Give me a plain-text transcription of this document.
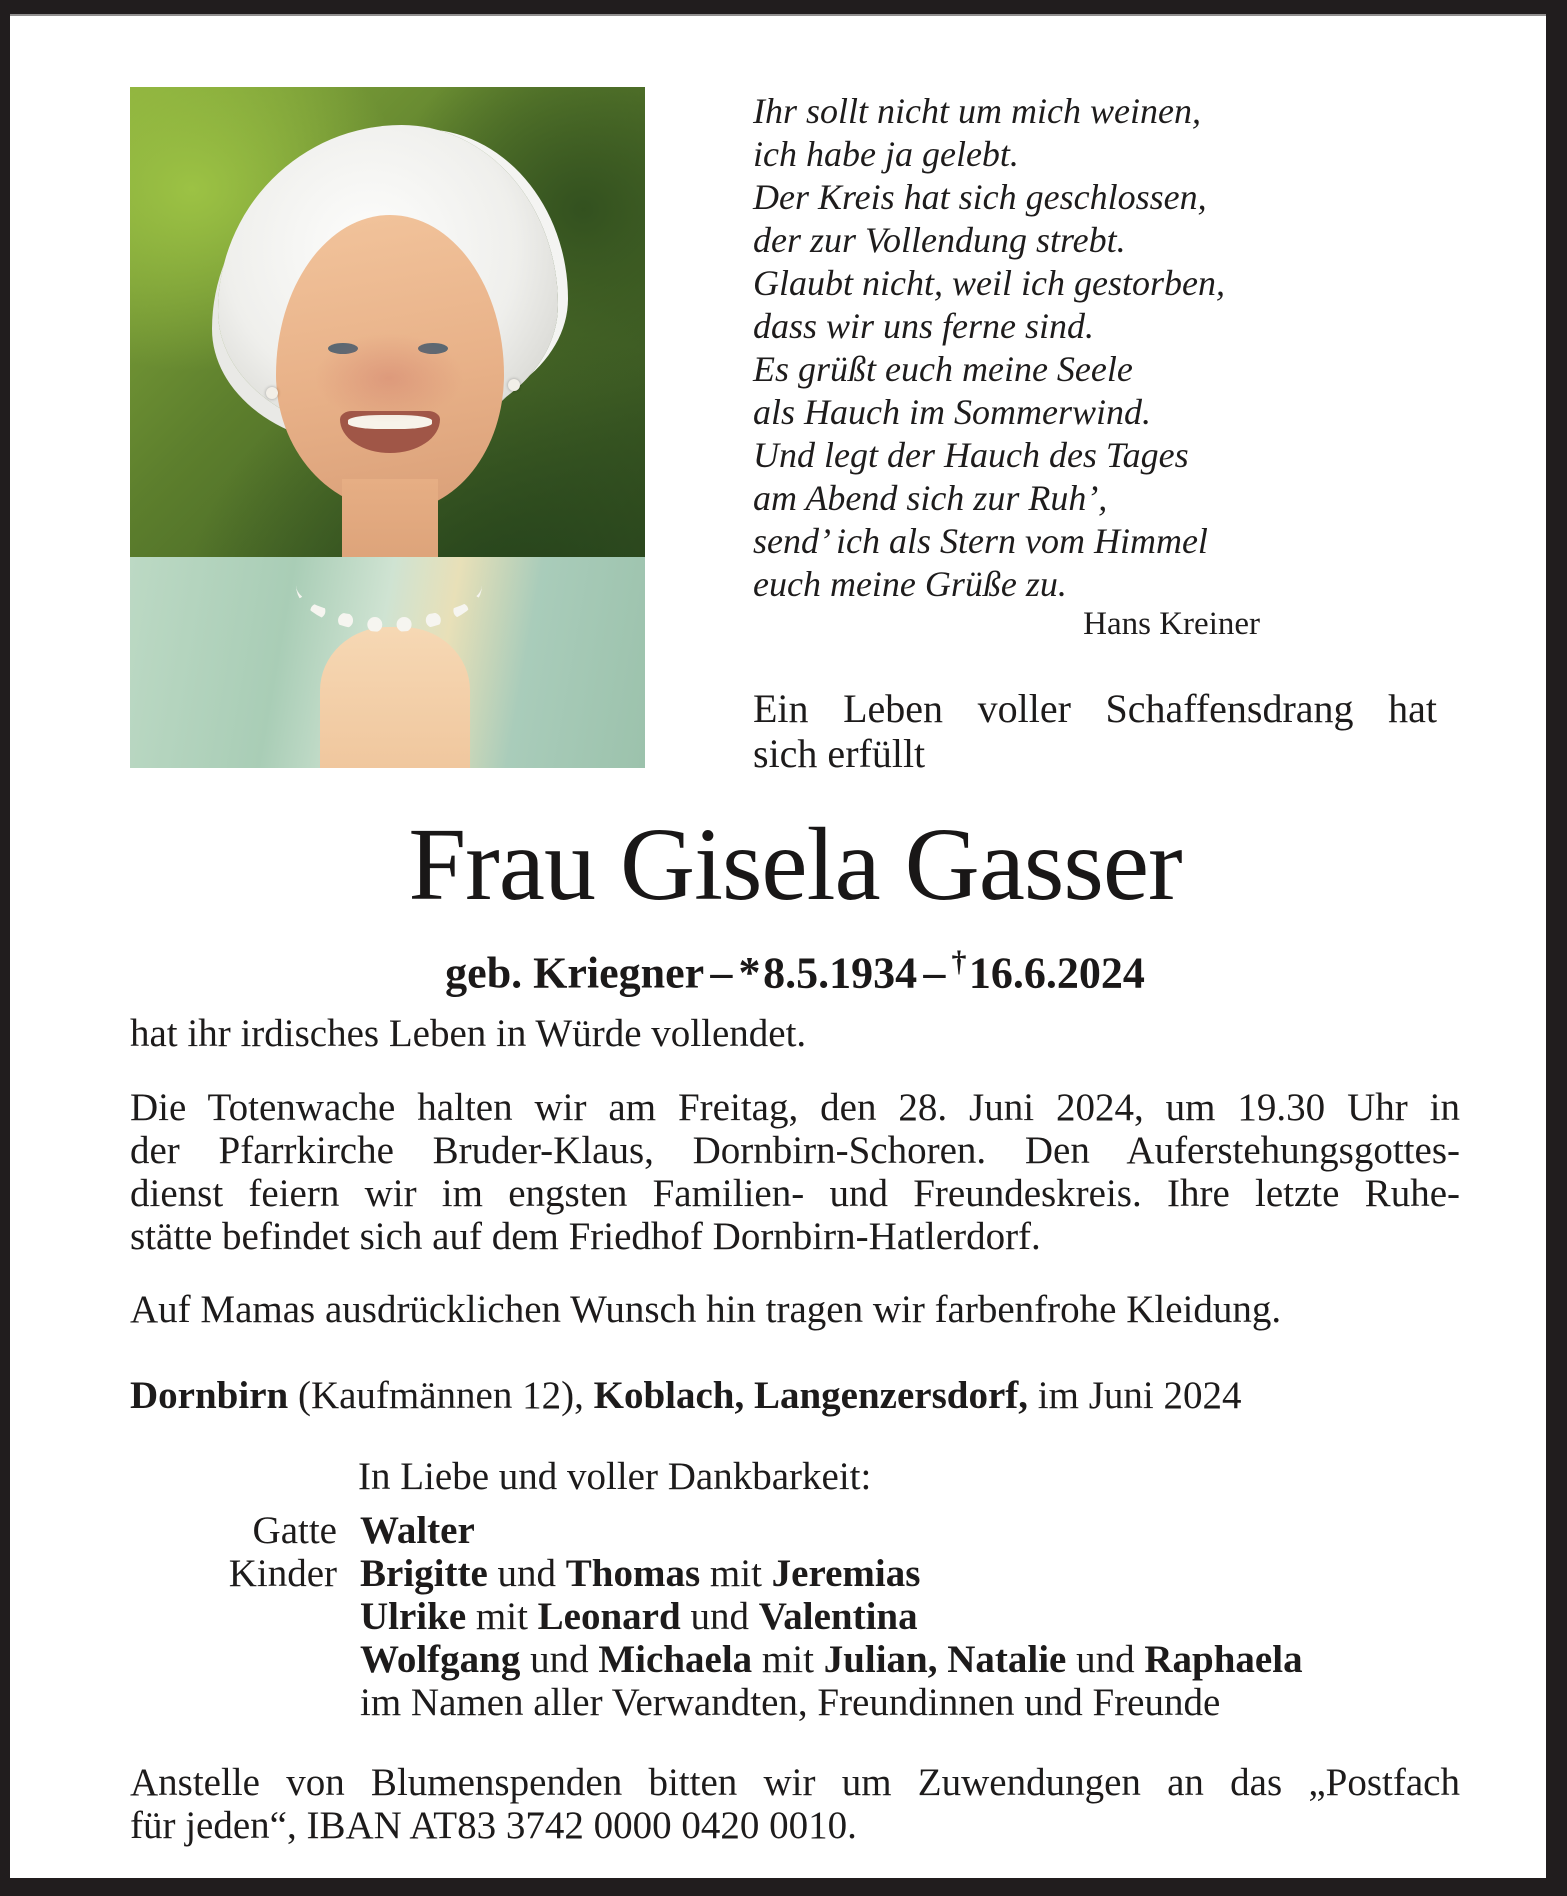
Ihr sollt nicht um mich weinen,
ich habe ja gelebt.
Der Kreis hat sich geschlossen,
der zur Vollendung strebt.
Glaubt nicht, weil ich gestorben,
dass wir uns ferne sind.
Es grüßt euch meine Seele
als Hauch im Sommerwind.
Und legt der Hauch des Tages
am Abend sich zur Ruh’,
send’ ich als Stern vom Himmel
euch meine Grüße zu.
Hans Kreiner
Ein Leben voller Schaffensdrang hat
sich erfüllt
Frau Gisela Gasser
geb. Kriegner – *8.5.1934 – †16.6.2024
hat ihr irdisches Leben in Würde vollendet.
Die Totenwache halten wir am Freitag, den 28. Juni 2024, um 19.30 Uhr in
der Pfarrkirche Bruder-Klaus, Dornbirn-Schoren. Den Auferstehungsgottes-
dienst feiern wir im engsten Familien- und Freundeskreis. Ihre letzte Ruhe-
stätte befindet sich auf dem Friedhof Dornbirn-Hatlerdorf.
Auf Mamas ausdrücklichen Wunsch hin tragen wir farbenfrohe Kleidung.
Dornbirn (Kaufmännen 12), Koblach, Langenzersdorf, im Juni 2024
In Liebe und voller Dankbarkeit:
Gatte Walter
Kinder Brigitte und Thomas mit Jeremias
Ulrike mit Leonard und Valentina
Wolfgang und Michaela mit Julian, Natalie und Raphaela
im Namen aller Verwandten, Freundinnen und Freunde
Anstelle von Blumenspenden bitten wir um Zuwendungen an das „Postfach
für jeden“, IBAN AT83 3742 0000 0420 0010.
